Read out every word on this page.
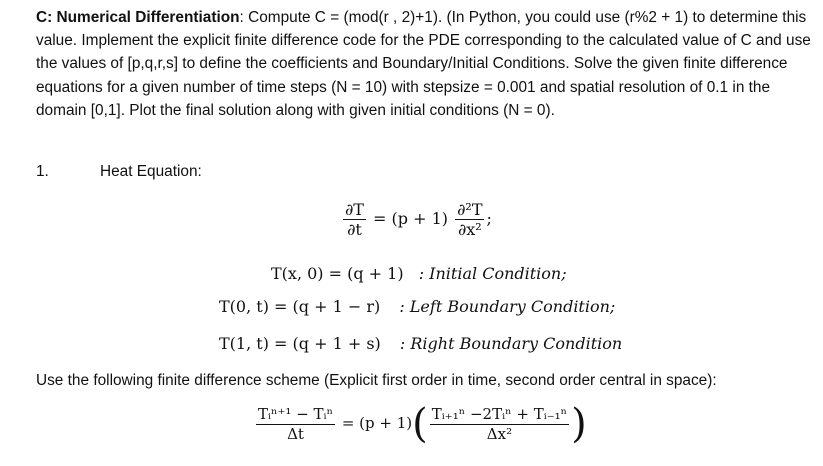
C: Numerical Differentiation: Compute C = (mod(r , 2)+1). (In Python, you could use (r%2 + 1) to determine this value. Implement the explicit finite difference code for the PDE corresponding to the calculated value of C and use the values of [p,q,r,s] to define the coefficients and Boundary/Initial Conditions. Solve the given finite difference equations for a given number of time steps (N = 10) with stepsize = 0.001 and spatial resolution of 0.1 in the domain [0,1]. Plot the final solution along with given initial conditions (N = 0).
1.	Heat Equation:
$\frac{\partial T}{\partial t} = (p + 1) \frac{\text{∂²T}}{\text{∂x²}}$ ;
T(x, 0) = (q + 1) : Initial Condition;
T(0, t) = (q + 1 − r) : Left Boundary Condition;
T(1, t) = (q + 1 + s) : Right Boundary Condition
Use the following finite difference scheme (Explicit first order in time, second order central in space):
$\frac{\text{Tᵢⁿ⁺¹ − Tᵢⁿ}}{\Delta t} = (p + 1)( \frac{\text{Tᵢ₊₁ⁿ −2Tᵢⁿ + Tᵢ₋₁ⁿ}}{\text{Δx²}}$ )
